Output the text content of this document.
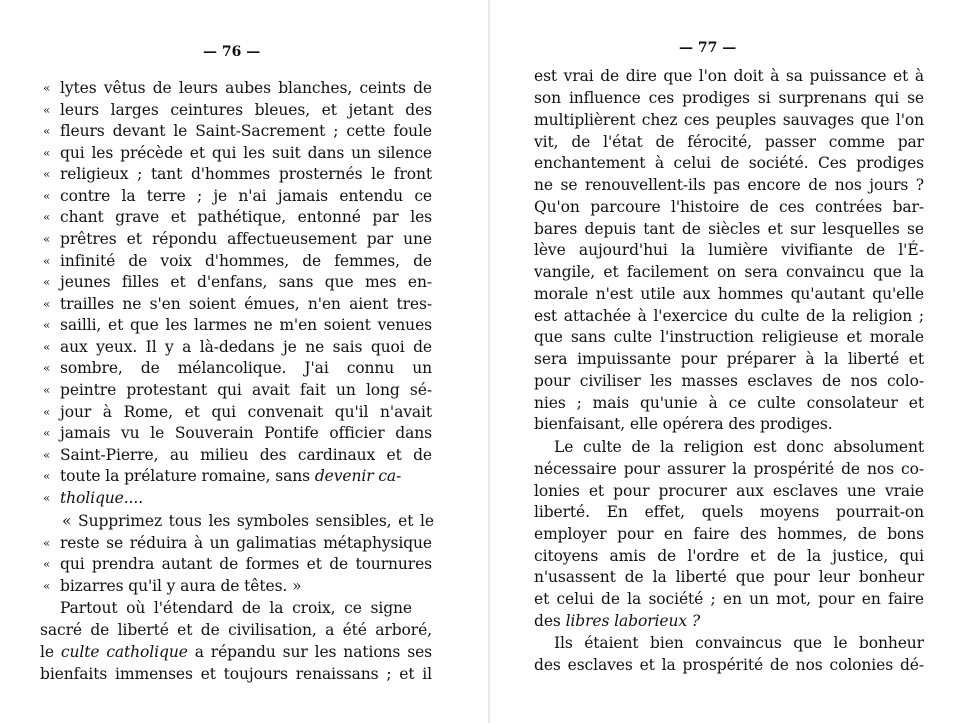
— 76 —
« lytes vêtus de leurs aubes blanches, ceints de
« leurs larges ceintures bleues, et jetant des
« fleurs devant le Saint-Sacrement ; cette foule
« qui les précède et qui les suit dans un silence
« religieux ; tant d'hommes prosternés le front
« contre la terre ; je n'ai jamais entendu ce
« chant grave et pathétique, entonné par les
« prêtres et répondu affectueusement par une
« infinité de voix d'hommes, de femmes, de
« jeunes filles et d'enfans, sans que mes en-
« trailles ne s'en soient émues, n'en aient tres-
« sailli, et que les larmes ne m'en soient venues
« aux yeux. Il y a là-dedans je ne sais quoi de
« sombre, de mélancolique. J'ai connu un
« peintre protestant qui avait fait un long sé-
« jour à Rome, et qui convenait qu'il n'avait
« jamais vu le Souverain Pontife officier dans
« Saint-Pierre, au milieu des cardinaux et de
« toute la prélature romaine, sans devenir ca-
« tholique....
« Supprimez tous les symboles sensibles, et le
« reste se réduira à un galimatias métaphysique
« qui prendra autant de formes et de tournures
« bizarres qu'il y aura de têtes. »
Partout où l'étendard de la croix, ce signe
sacré de liberté et de civilisation, a été arboré,
le culte catholique a répandu sur les nations ses
bienfaits immenses et toujours renaissans ; et il
— 77 —
est vrai de dire que l'on doit à sa puissance et à
son influence ces prodiges si surprenans qui se
multiplièrent chez ces peuples sauvages que l'on
vit, de l'état de férocité, passer comme par
enchantement à celui de société. Ces prodiges
ne se renouvellent-ils pas encore de nos jours ?
Qu'on parcoure l'histoire de ces contrées bar-
bares depuis tant de siècles et sur lesquelles se
lève aujourd'hui la lumière vivifiante de l'É-
vangile, et facilement on sera convaincu que la
morale n'est utile aux hommes qu'autant qu'elle
est attachée à l'exercice du culte de la religion ;
que sans culte l'instruction religieuse et morale
sera impuissante pour préparer à la liberté et
pour civiliser les masses esclaves de nos colo-
nies ; mais qu'unie à ce culte consolateur et
bienfaisant, elle opérera des prodiges.
Le culte de la religion est donc absolument
nécessaire pour assurer la prospérité de nos co-
lonies et pour procurer aux esclaves une vraie
liberté. En effet, quels moyens pourrait-on
employer pour en faire des hommes, de bons
citoyens amis de l'ordre et de la justice, qui
n'usassent de la liberté que pour leur bonheur
et celui de la société ; en un mot, pour en faire
des libres laborieux ?
Ils étaient bien convaincus que le bonheur
des esclaves et la prospérité de nos colonies dé-
